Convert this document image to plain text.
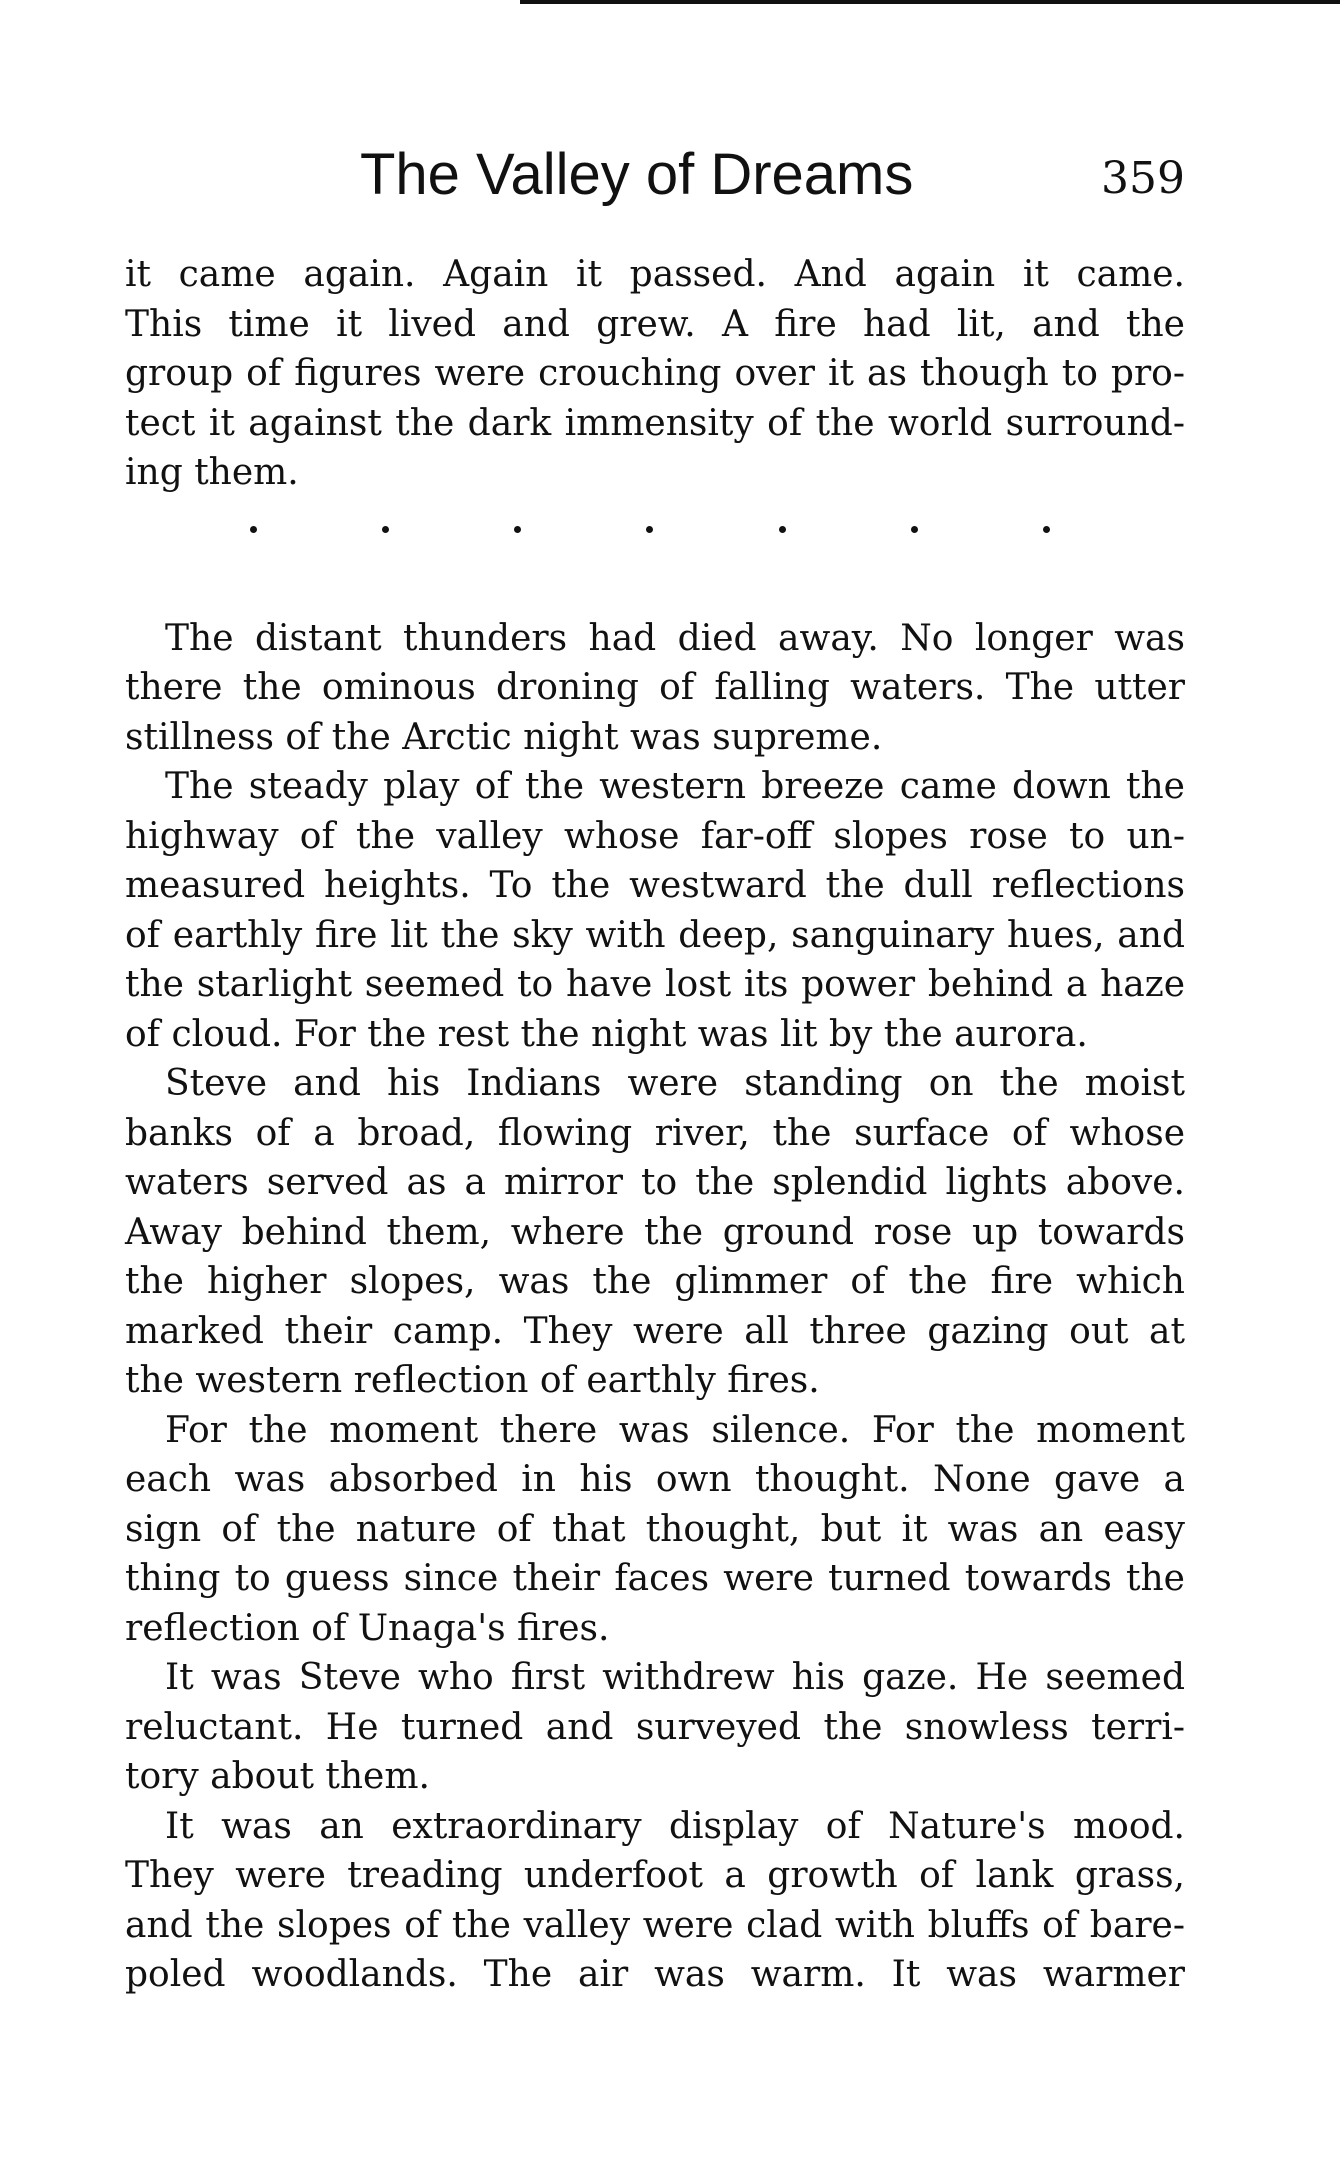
The Valley of Dreams	359
it came again. Again it passed. And again it came.
This time it lived and grew. A fire had lit, and the
group of figures were crouching over it as though to pro-
tect it against the dark immensity of the world surround-
ing them.
The distant thunders had died away. No longer was
there the ominous droning of falling waters. The utter
stillness of the Arctic night was supreme.
The steady play of the western breeze came down the
highway of the valley whose far-off slopes rose to un-
measured heights. To the westward the dull reflections
of earthly fire lit the sky with deep, sanguinary hues, and
the starlight seemed to have lost its power behind a haze
of cloud. For the rest the night was lit by the aurora.
Steve and his Indians were standing on the moist
banks of a broad, flowing river, the surface of whose
waters served as a mirror to the splendid lights above.
Away behind them, where the ground rose up towards
the higher slopes, was the glimmer of the fire which
marked their camp. They were all three gazing out at
the western reflection of earthly fires.
For the moment there was silence. For the moment
each was absorbed in his own thought. None gave a
sign of the nature of that thought, but it was an easy
thing to guess since their faces were turned towards the
reflection of Unaga's fires.
It was Steve who first withdrew his gaze. He seemed
reluctant. He turned and surveyed the snowless terri-
tory about them.
It was an extraordinary display of Nature's mood.
They were treading underfoot a growth of lank grass,
and the slopes of the valley were clad with bluffs of bare-
poled woodlands. The air was warm. It was warmer
